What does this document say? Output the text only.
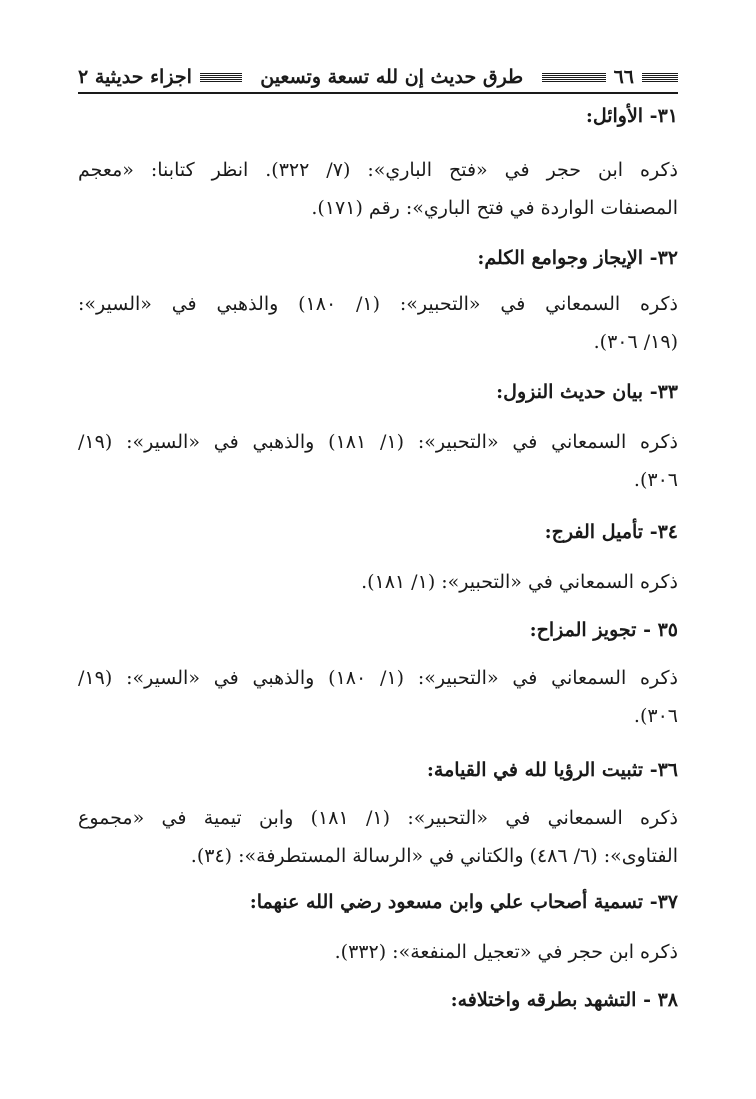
٦٦
طرق حديث إن لله تسعة وتسعين
اجزاء حديثية ٢
٣١- الأوائل:
ذكره ابن حجر في «فتح الباري»: (٧/ ٣٢٢). انظر كتابنا: «معجم
المصنفات الواردة في فتح الباري»: رقم (١٧١).
٣٢- الإيجاز وجوامع الكلم:
ذكره السمعاني في «التحبير»: (١/ ١٨٠) والذهبي في «السير»:
(١٩/ ٣٠٦).
٣٣- بيان حديث النزول:
ذكره السمعاني في «التحبير»: (١/ ١٨١) والذهبي في «السير»: (١٩/
٣٠٦).
٣٤- تأميل الفرج:
ذكره السمعاني في «التحبير»: (١/ ١٨١).
٣٥ - تجويز المزاح:
ذكره السمعاني في «التحبير»: (١/ ١٨٠) والذهبي في «السير»: (١٩/
٣٠٦).
٣٦- تثبيت الرؤيا لله في القيامة:
ذكره السمعاني في «التحبير»: (١/ ١٨١) وابن تيمية في «مجموع
الفتاوى»: (٦/ ٤٨٦) والكتاني في «الرسالة المستطرفة»: (٣٤).
٣٧- تسمية أصحاب علي وابن مسعود رضي الله عنهما:
ذكره ابن حجر في «تعجيل المنفعة»: (٣٣٢).
٣٨ - التشهد بطرقه واختلافه:
